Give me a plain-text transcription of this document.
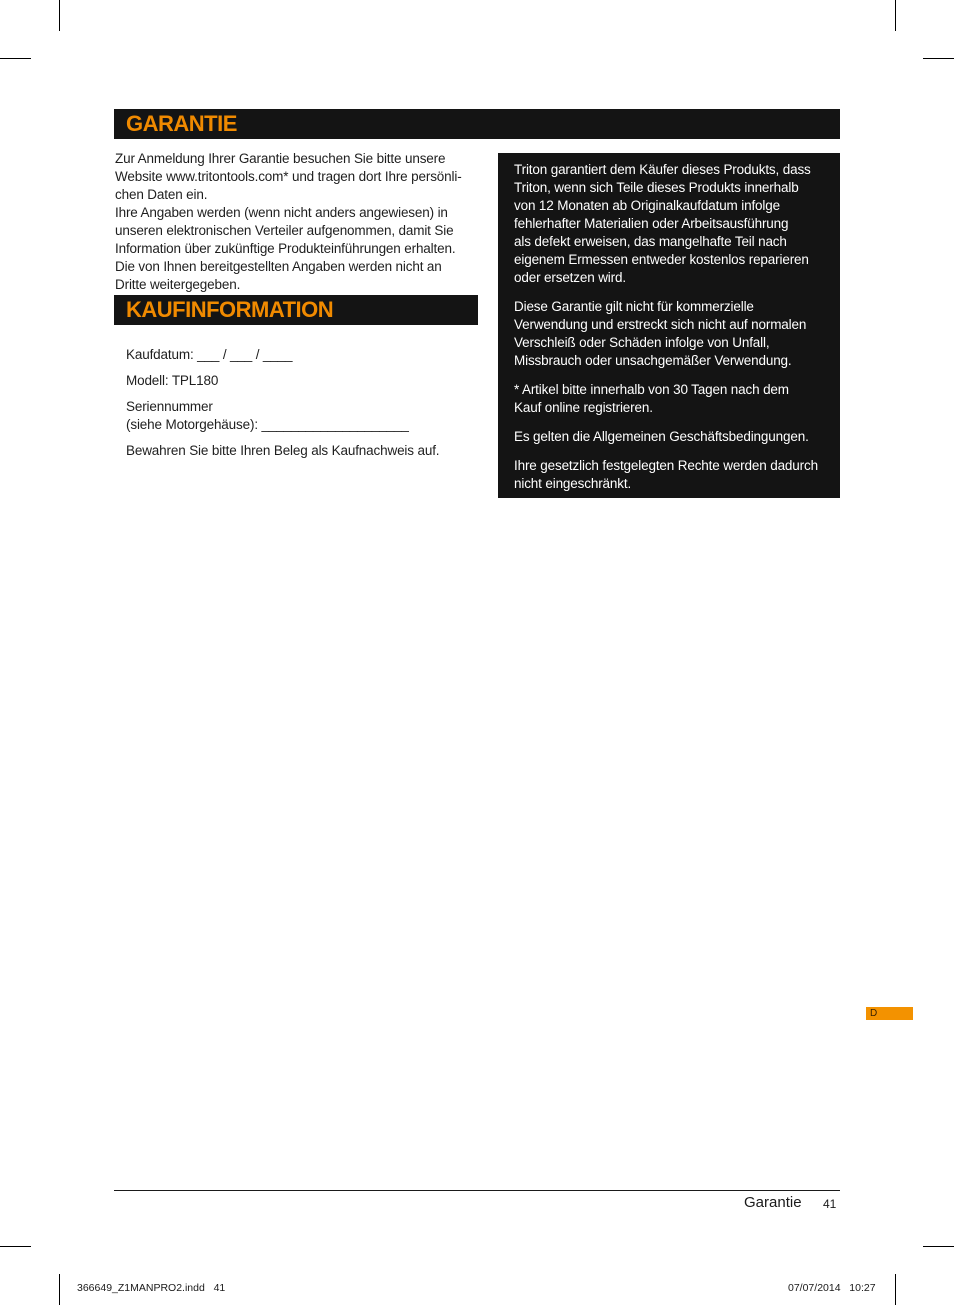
GARANTIE

Zur Anmeldung Ihrer Garantie besuchen Sie bitte unsere
Website www.tritontools.com* und tragen dort Ihre persönli-
chen Daten ein.

Ihre Angaben werden (wenn nicht anders angewiesen) in
unseren elektronischen Verteiler aufgenommen, damit Sie
Information über zukünftige Produkteinführungen erhalten.
Die von Ihnen bereitgestellten Angaben werden nicht an
Dritte weitergegeben.

KAUFINFORMATION
Kaufdatum: ___ / ___ / ____
Modell: TPL180
Seriennummer
(siehe Motorgehäuse): ____________________
Bewahren Sie bitte Ihren Beleg als Kaufnachweis auf.

Triton garantiert dem Käufer dieses Produkts, dass
Triton, wenn sich Teile dieses Produkts innerhalb
von 12 Monaten ab Originalkaufdatum infolge
fehlerhafter Materialien oder Arbeitsausführung
als defekt erweisen, das mangelhafte Teil nach
eigenem Ermessen entweder kostenlos reparieren
oder ersetzen wird.

Diese Garantie gilt nicht für kommerzielle
Verwendung und erstreckt sich nicht auf normalen
Verschleiß oder Schäden infolge von Unfall,
Missbrauch oder unsachgemäßer Verwendung.

* Artikel bitte innerhalb von 30 Tagen nach dem
Kauf online registrieren.

Es gelten die Allgemeinen Geschäftsbedingungen.

Ihre gesetzlich festgelegten Rechte werden dadurch
nicht eingeschränkt.

D
Garantie 41
366649_Z1MANPRO2.indd   41	07/07/2014   10:27
